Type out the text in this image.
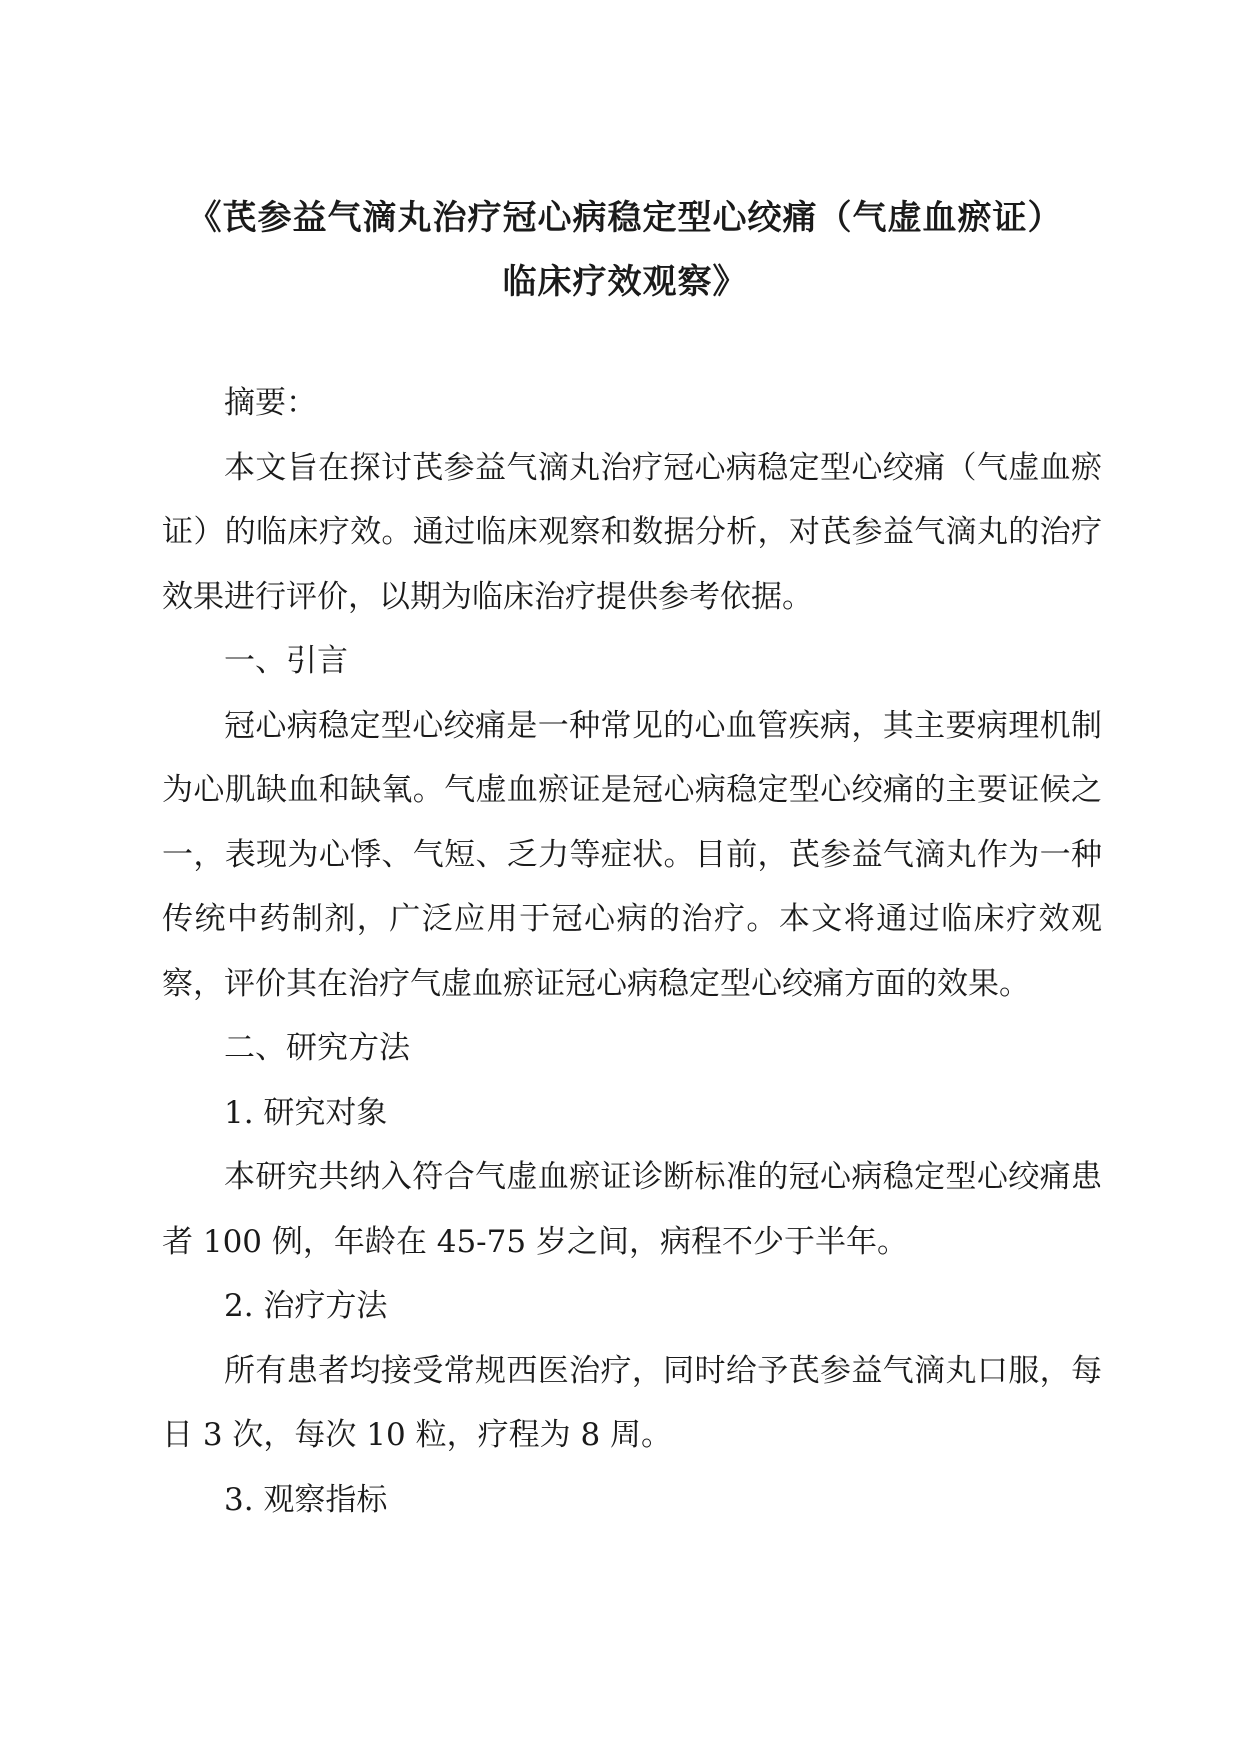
《芪参益气滴丸治疗冠心病稳定型心绞痛（气虚血瘀证）
临床疗效观察》

摘要：

本文旨在探讨芪参益气滴丸治疗冠心病稳定型心绞痛（气虚血瘀证）的临床疗效。通过临床观察和数据分析，对芪参益气滴丸的治疗效果进行评价，以期为临床治疗提供参考依据。

一、引言

冠心病稳定型心绞痛是一种常见的心血管疾病，其主要病理机制为心肌缺血和缺氧。气虚血瘀证是冠心病稳定型心绞痛的主要证候之一，表现为心悸、气短、乏力等症状。目前，芪参益气滴丸作为一种传统中药制剂，广泛应用于冠心病的治疗。本文将通过临床疗效观察，评价其在治疗气虚血瘀证冠心病稳定型心绞痛方面的效果。

二、研究方法

1. 研究对象

本研究共纳入符合气虚血瘀证诊断标准的冠心病稳定型心绞痛患者 100 例，年龄在 45-75 岁之间，病程不少于半年。

2. 治疗方法

所有患者均接受常规西医治疗，同时给予芪参益气滴丸口服，每日 3 次，每次 10 粒，疗程为 8 周。

3. 观察指标
